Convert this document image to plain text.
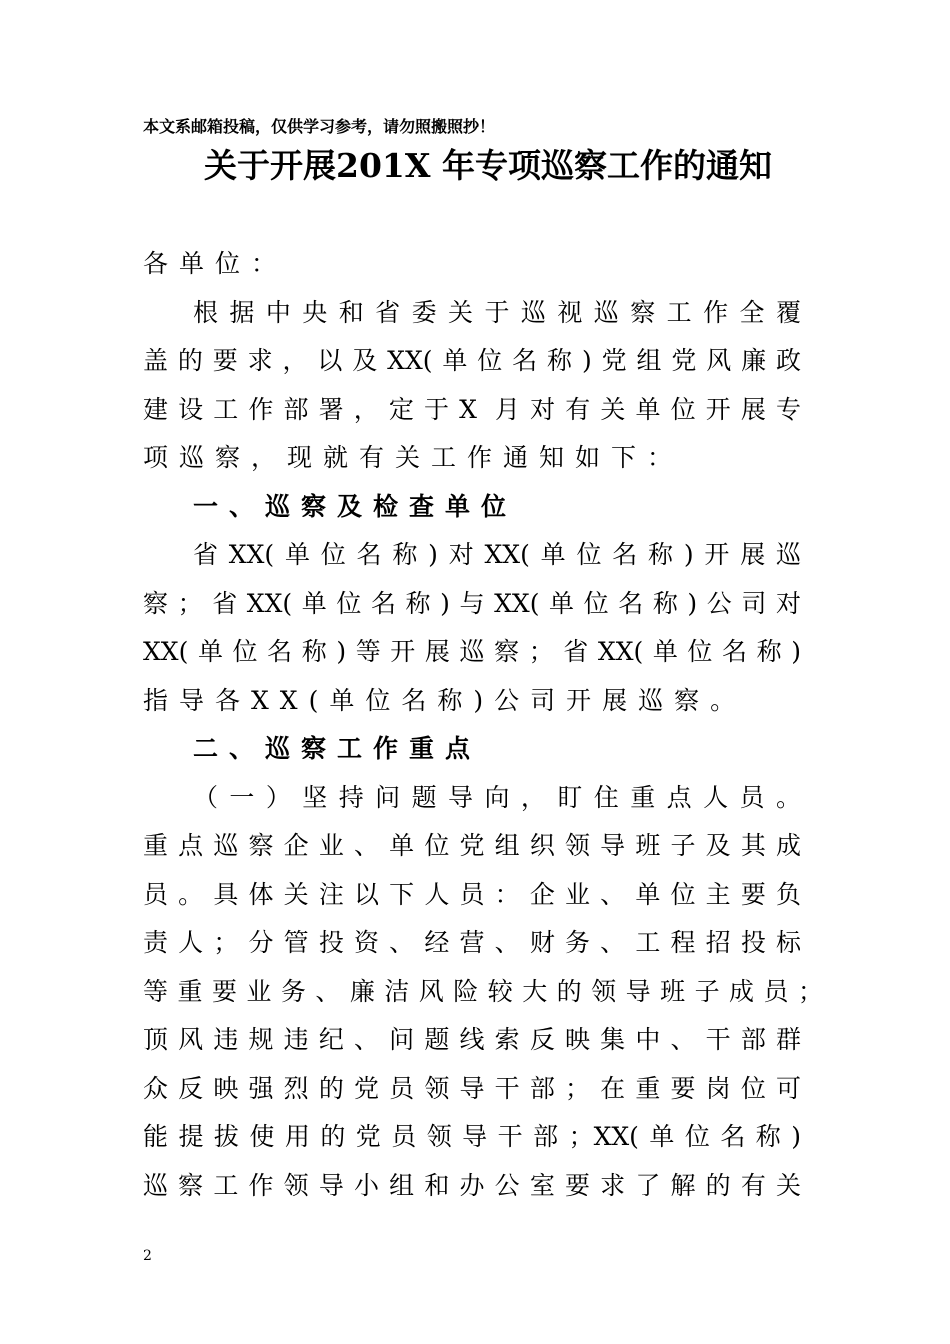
本文系邮箱投稿，仅供学习参考，请勿照搬照抄！
关于开展201X 年专项巡察工作的通知
各单位：
根据中央和省委关于巡视巡察工作全覆
盖的要求，以及XX(单位名称)党组党风廉政
建设工作部署，定于X 月对有关单位开展专
项巡察，现就有关工作通知如下：
一、巡察及检查单位
省XX(单位名称)对XX(单位名称)开展巡
察；省XX(单位名称)与XX(单位名称)公司对
XX(单位名称)等开展巡察；省XX(单位名称)
指导各XX(单位名称)公司开展巡察。
二、巡察工作重点
（一）坚持问题导向，盯住重点人员。
重点巡察企业、单位党组织领导班子及其成
员。具体关注以下人员：企业、单位主要负
责人；分管投资、经营、财务、工程招投标
等重要业务、廉洁风险较大的领导班子成员；
顶风违规违纪、问题线索反映集中、干部群
众反映强烈的党员领导干部；在重要岗位可
能提拔使用的党员领导干部；XX(单位名称)
巡察工作领导小组和办公室要求了解的有关
2
